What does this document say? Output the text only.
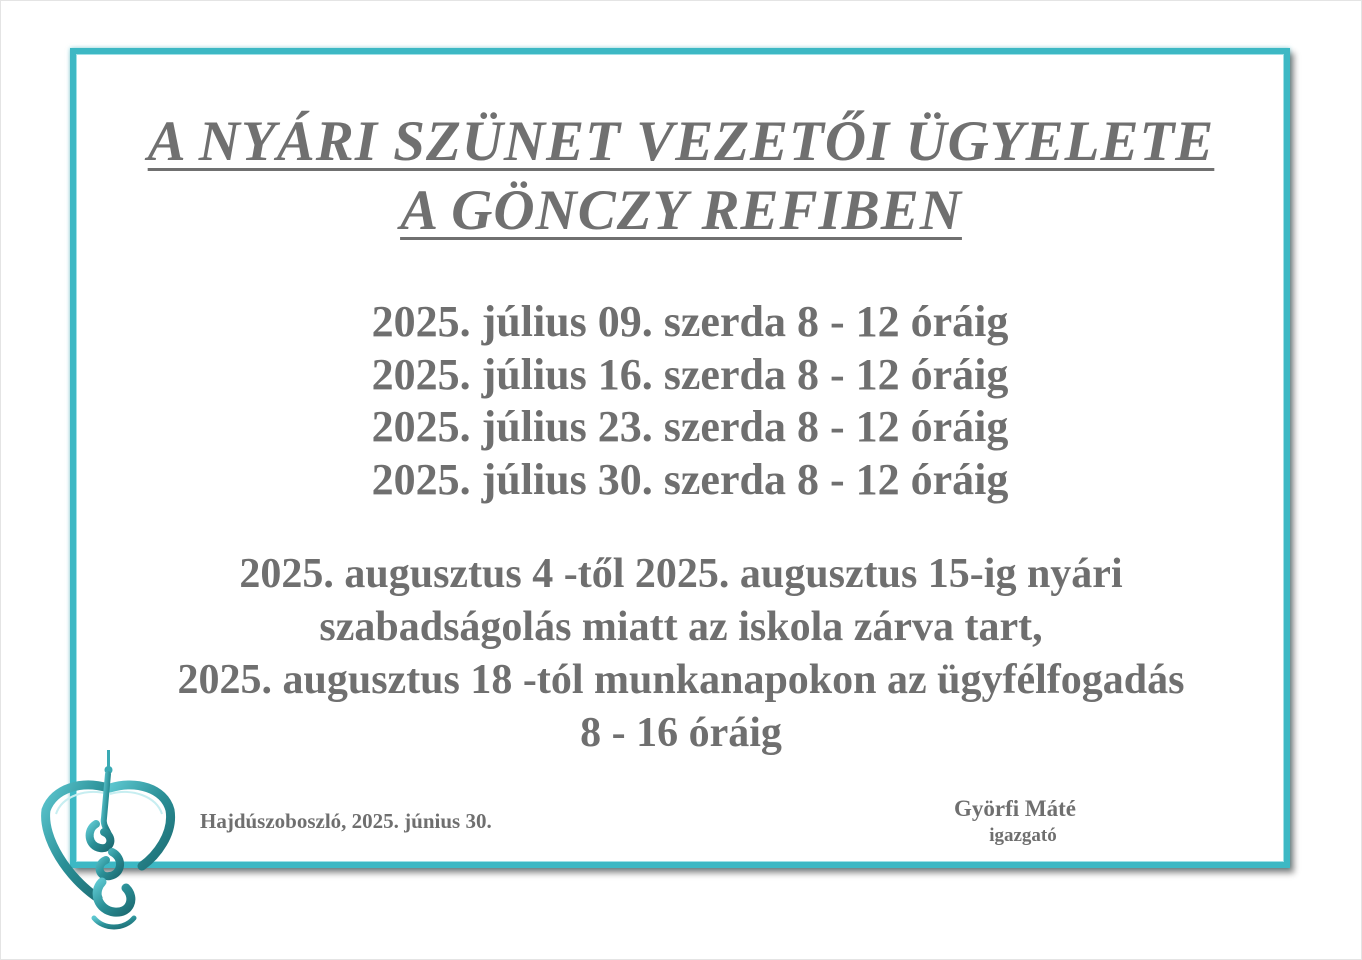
A NYÁRI SZÜNET VEZETŐI ÜGYELETE
A GÖNCZY REFIBEN
2025. július 09. szerda 8 - 12 óráig
2025. július 16. szerda 8 - 12 óráig
2025. július 23. szerda 8 - 12 óráig
2025. július 30. szerda 8 - 12 óráig
2025. augusztus 4 -től 2025. augusztus 15-ig nyári
szabadságolás miatt az iskola zárva tart,
2025. augusztus 18 -tól munkanapokon az ügyfélfogadás
8 - 16 óráig
Hajdúszoboszló, 2025. június 30.	Györfi Máté
igazgató
